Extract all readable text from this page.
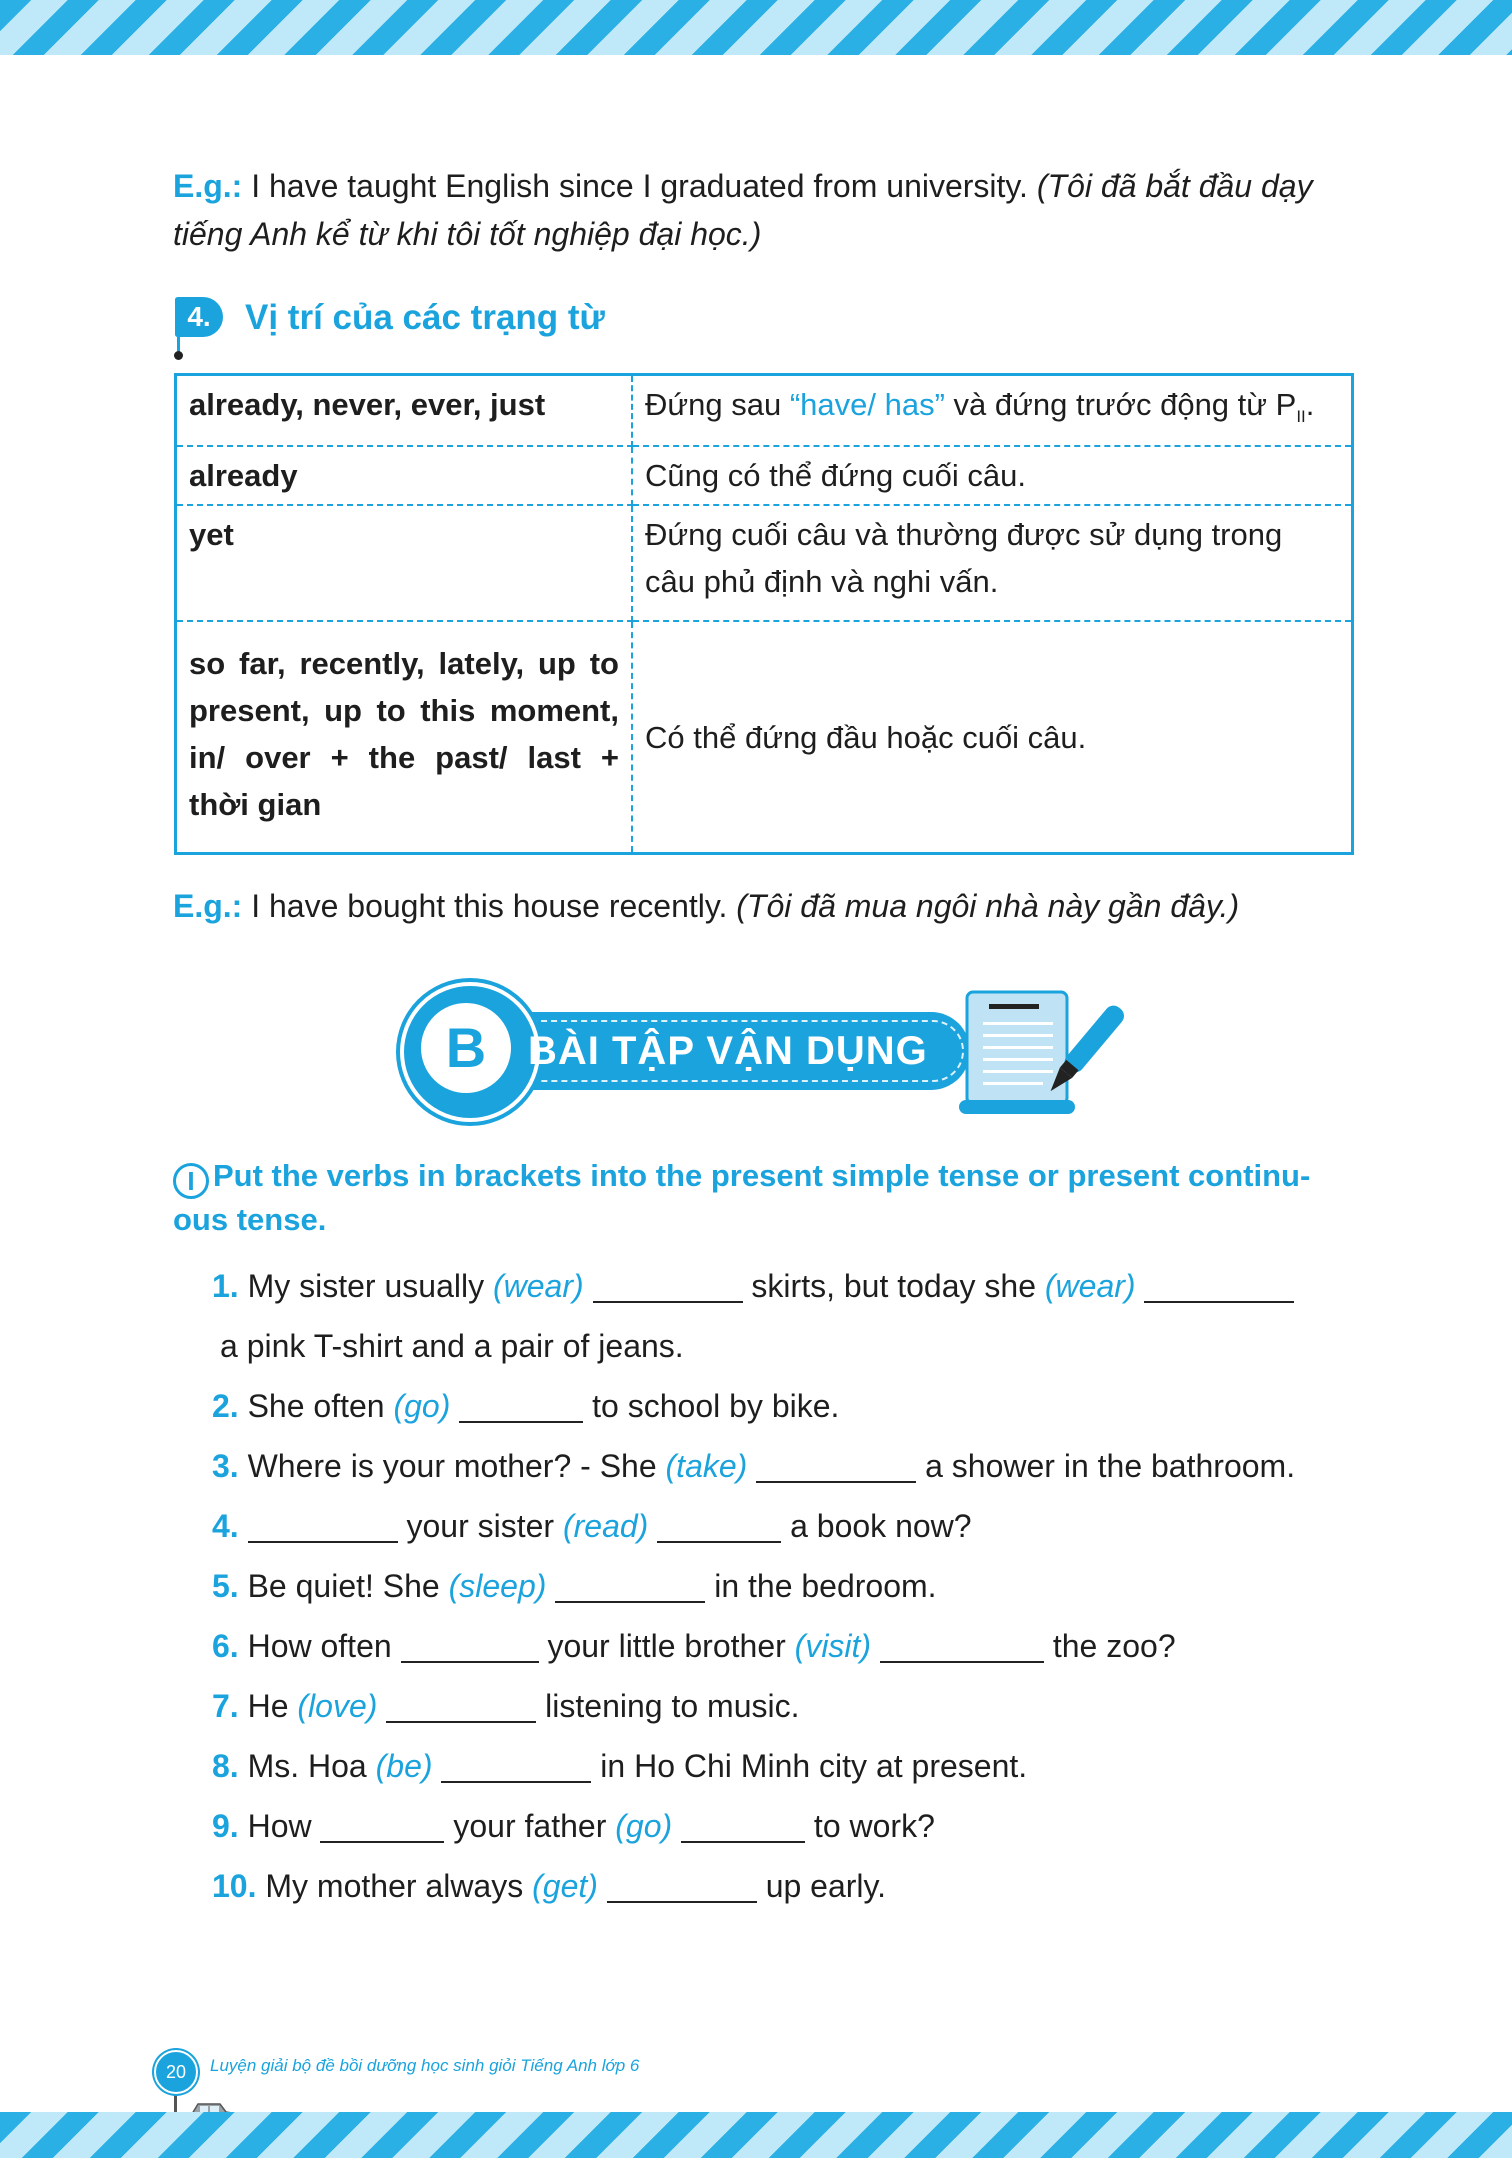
E.g.: I have taught English since I graduated from university. (Tôi đã bắt đầu dạy tiếng Anh kể từ khi tôi tốt nghiệp đại học.)
4. Vị trí của các trạng từ
already, never, ever, just	Đứng sau “have/ has” và đứng trước động từ $P_{II}$.
already	Cũng có thể đứng cuối câu.
yet	Đứng cuối câu và thường được sử dụng trong câu phủ định và nghi vấn.
so far, recently, lately, up to present, up to this moment, in/ over + the past/ last + thời gian	Có thể đứng đầu hoặc cuối câu.
E.g.: I have bought this house recently. (Tôi đã mua ngôi nhà này gần đây.)
B	BÀI TẬP VẬN DỤNG
I Put the verbs in brackets into the present simple tense or present continu-ous tense.
1. My sister usually (wear)	skirts, but today she (wear)
a pink T-shirt and a pair of jeans.
2. She often (go)	to school by bike.
3. Where is your mother? - She (take)	a shower in the bathroom.
4.	your sister (read)	a book now?
5. Be quiet! She (sleep)	in the bedroom.
6. How often	your little brother (visit)	the zoo?
7. He (love)	listening to music.
8. Ms. Hoa (be)	in Ho Chi Minh city at present.
9. How	your father (go)	to work?
10. My mother always (get)	up early.
20	Luyện giải bộ đề bồi dưỡng học sinh giỏi Tiếng Anh lớp 6
